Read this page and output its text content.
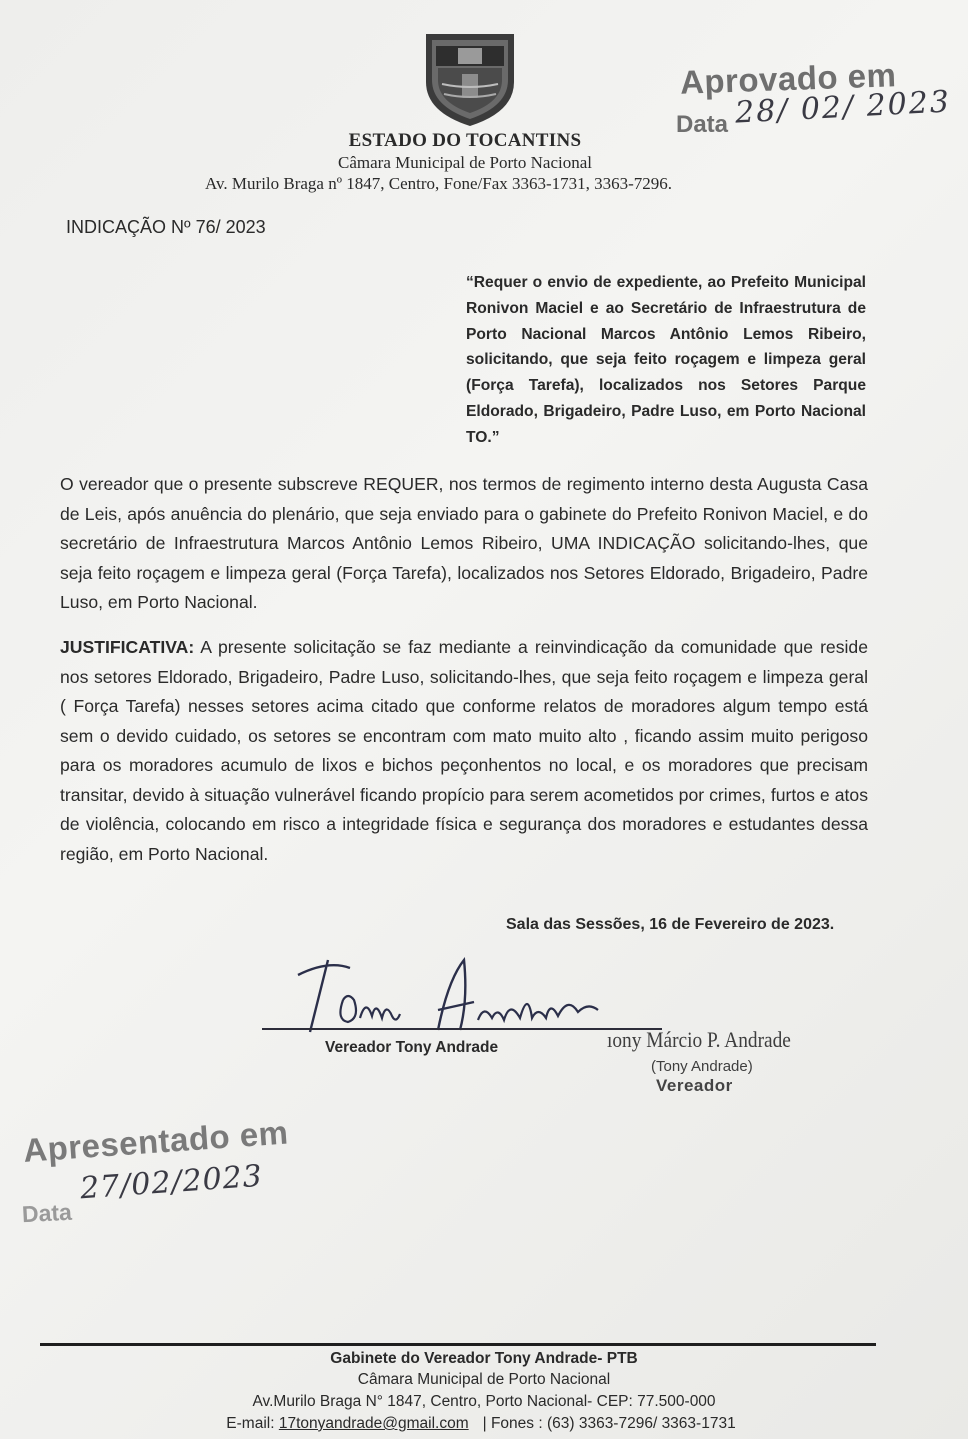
ESTADO DO TOCANTINS
Câmara Municipal de Porto Nacional
Av. Murilo Braga nº 1847, Centro, Fone/Fax 3363-1731, 3363-7296.
Aprovado em
Data 28/ 02/ 2023
INDICAÇÃO Nº 76/ 2023
“Requer o envio de expediente, ao Prefeito Municipal Ronivon Maciel e ao Secretário de Infraestrutura de Porto Nacional Marcos Antônio Lemos Ribeiro, solicitando, que seja feito roçagem e limpeza geral (Força Tarefa), localizados nos Setores Parque Eldorado, Brigadeiro, Padre Luso, em Porto Nacional TO.”
O vereador que o presente subscreve REQUER, nos termos de regimento interno desta Augusta Casa de Leis, após anuência do plenário, que seja enviado para o gabinete do Prefeito Ronivon Maciel, e do secretário de Infraestrutura Marcos Antônio Lemos Ribeiro, UMA INDICAÇÃO solicitando-lhes, que seja feito roçagem e limpeza geral (Força Tarefa), localizados nos Setores Eldorado, Brigadeiro, Padre Luso, em Porto Nacional.
JUSTIFICATIVA: A presente solicitação se faz mediante a reinvindicação da comunidade que reside nos setores Eldorado, Brigadeiro, Padre Luso, solicitando-lhes, que seja feito roçagem e limpeza geral ( Força Tarefa) nesses setores acima citado que conforme relatos de moradores algum tempo está sem o devido cuidado, os setores se encontram com mato muito alto , ficando assim muito perigoso para os moradores acumulo de lixos e bichos peçonhentos no local, e os moradores que precisam transitar, devido à situação vulnerável ficando propício para serem acometidos por crimes, furtos e atos de violência, colocando em risco a integridade física e segurança dos moradores e estudantes dessa região, em Porto Nacional.
Sala das Sessões, 16 de Fevereiro de 2023.
Vereador Tony Andrade	ıony Márcio P. Andrade
(Tony Andrade)
Vereador
Apresentado em
Data
27/02/2023
Gabinete do Vereador Tony Andrade- PTB
Câmara Municipal de Porto Nacional
Av.Murilo Braga N° 1847, Centro, Porto Nacional- CEP: 77.500-000
E-mail: 17tonyandrade@gmail.com | Fones : (63) 3363-7296/ 3363-1731
